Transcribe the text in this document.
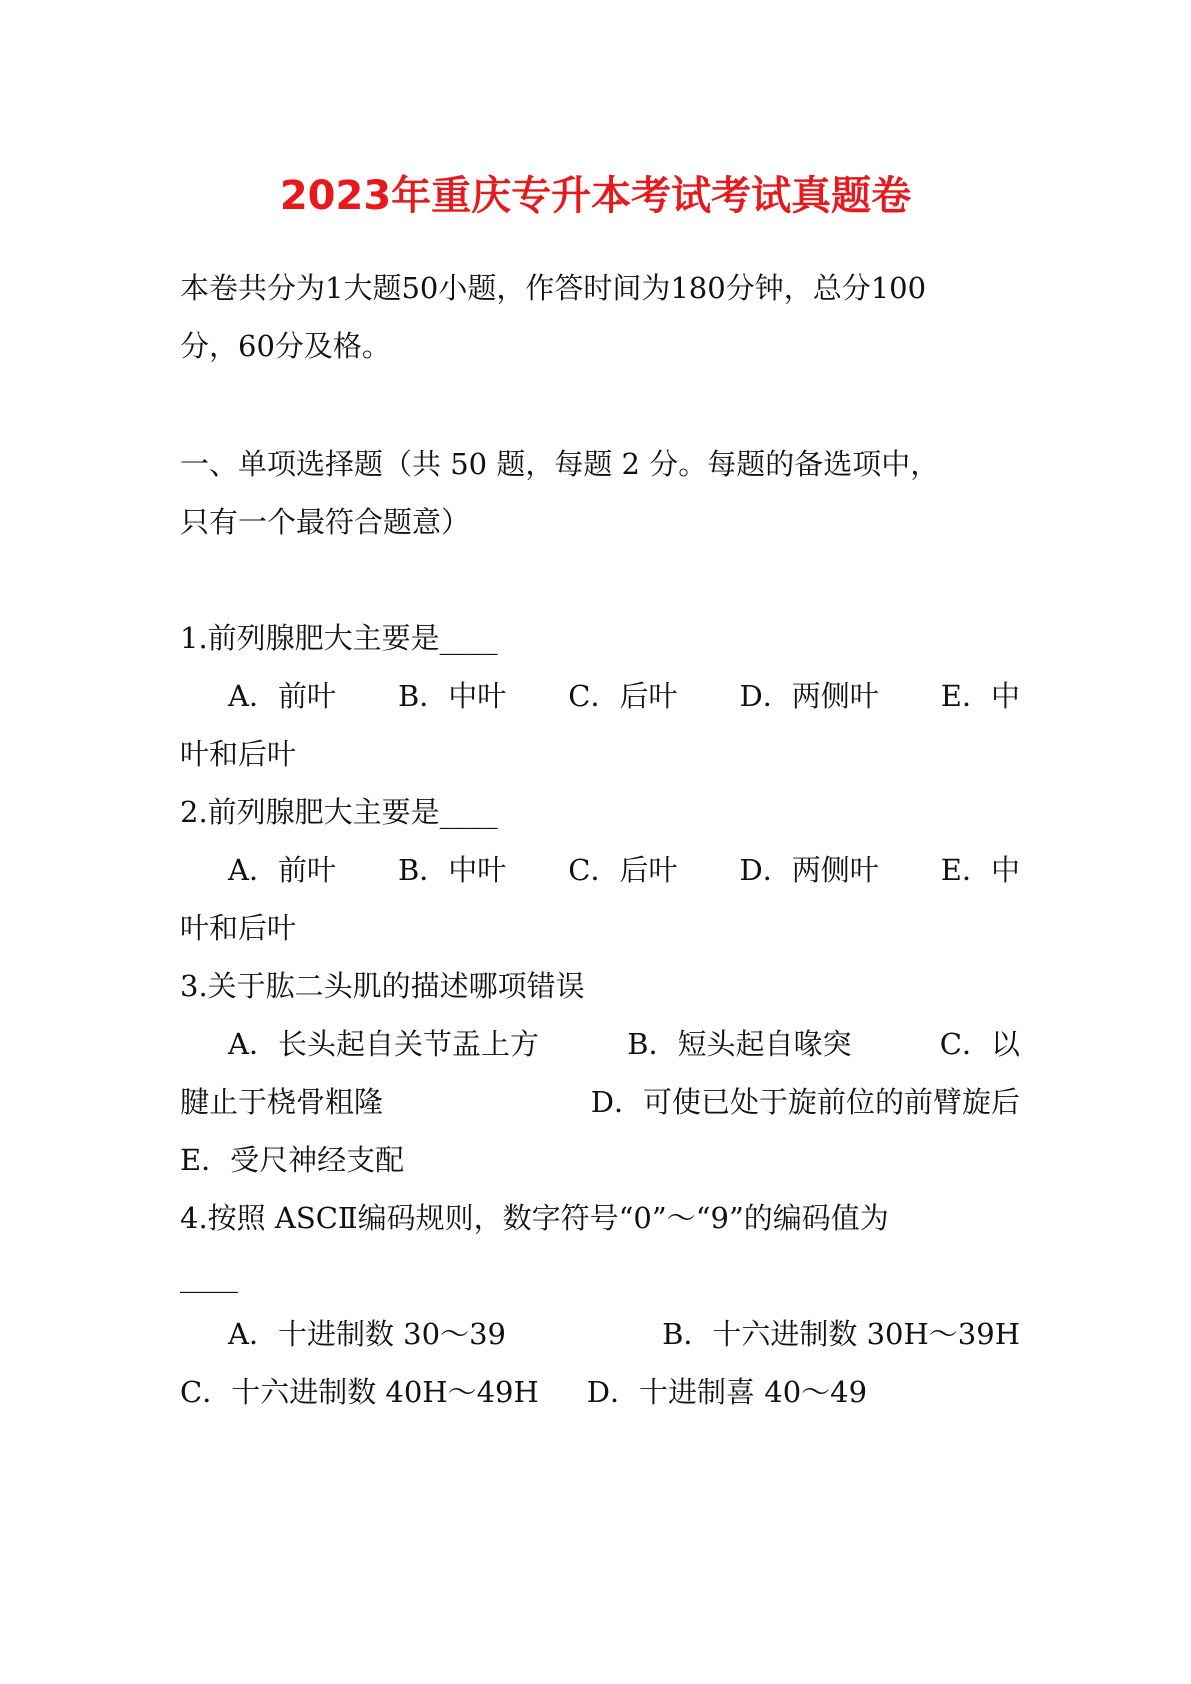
2023年重庆专升本考试考试真题卷
本卷共分为1大题50小题，作答时间为180分钟，总分100
分，60分及格。
一、单项选择题（共 50 题，每题 2 分。每题的备选项中，
只有一个最符合题意）
1.前列腺肥大主要是____
A．前叶 B．中叶 C．后叶 D．两侧叶 E．中
叶和后叶
2.前列腺肥大主要是____
A．前叶 B．中叶 C．后叶 D．两侧叶 E．中
叶和后叶
3.关于肱二头肌的描述哪项错误
A．长头起自关节盂上方	B．短头起自喙突	C．以
腱止于桡骨粗隆	D．可使已处于旋前位的前臂旋后
E．受尺神经支配
4.按照 ASCⅡ编码规则，数字符号“0”～“9”的编码值为
____
A．十进制数 30～39	B．十六进制数 30H～39H
C．十六进制数 40H～49H D．十进制喜 40～49
